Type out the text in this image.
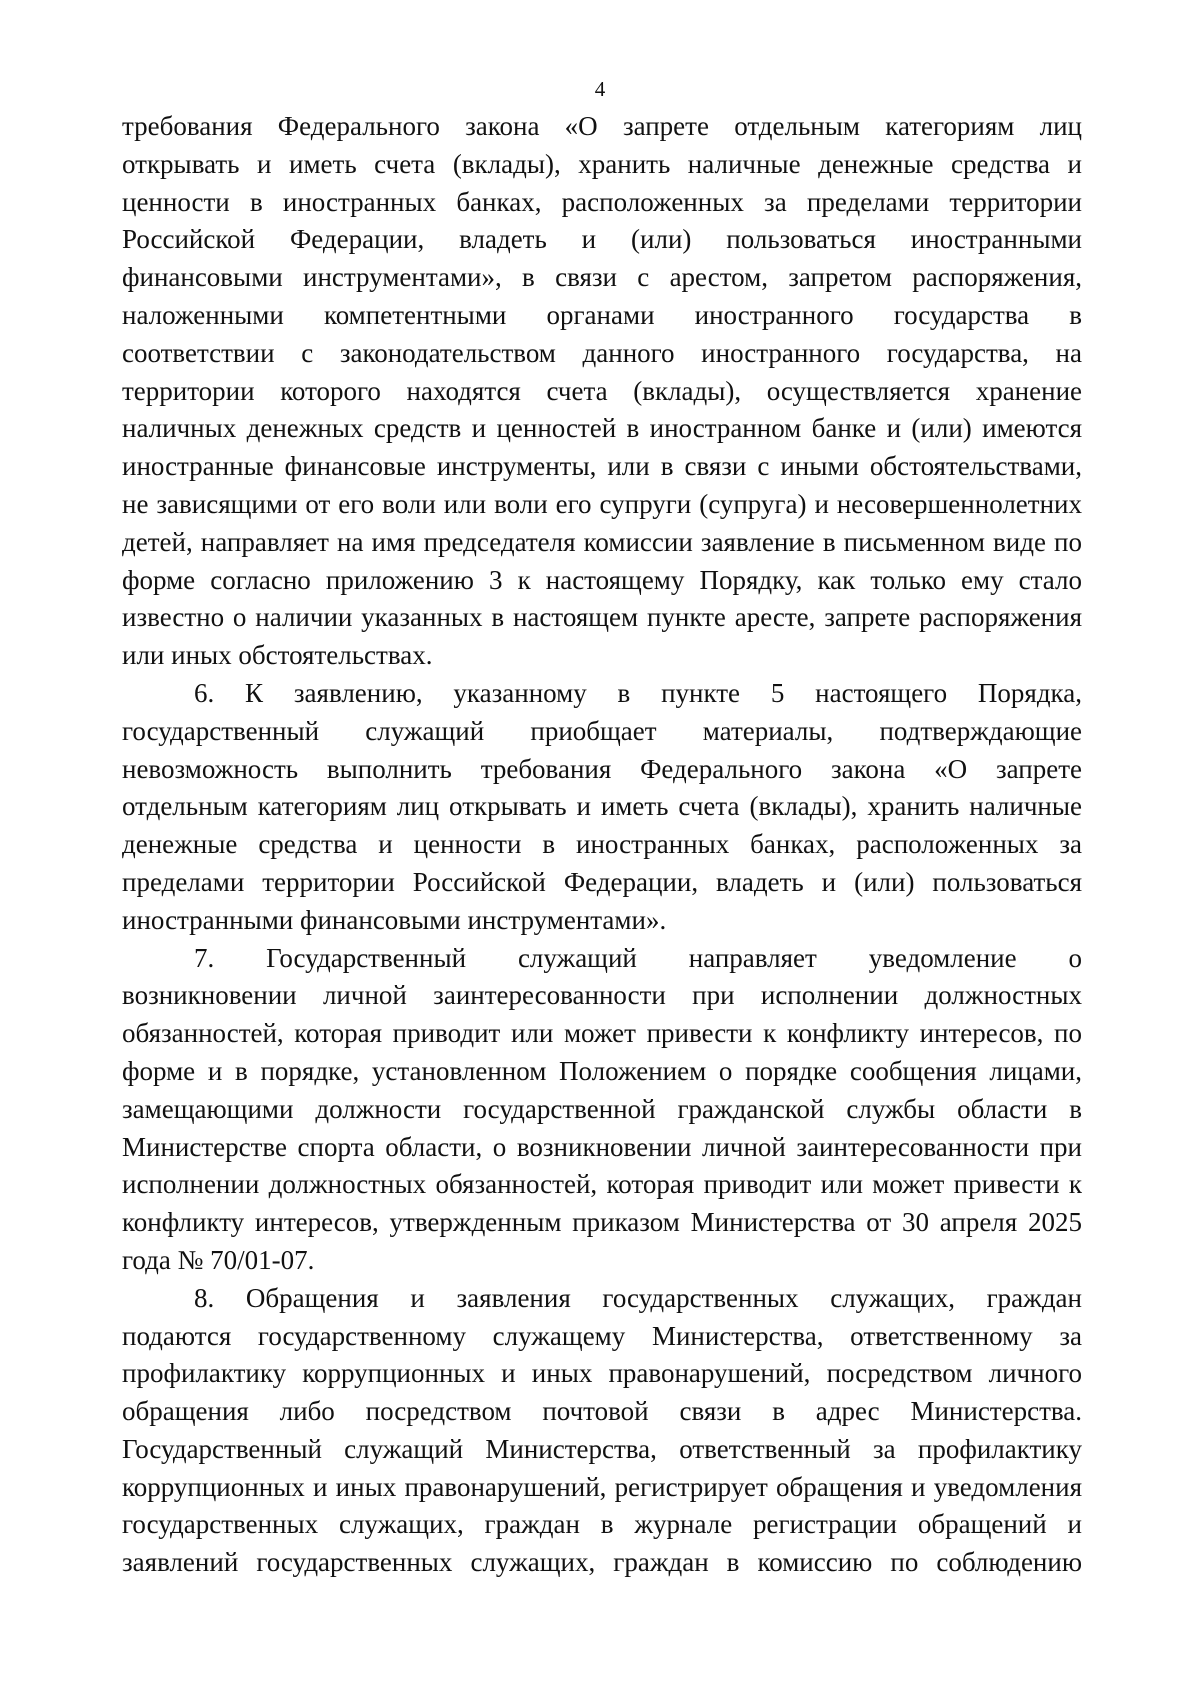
4
требования Федерального закона «О запрете отдельным категориям лиц
открывать и иметь счета (вклады), хранить наличные денежные средства и
ценности в иностранных банках, расположенных за пределами территории
Российской Федерации, владеть и (или) пользоваться иностранными
финансовыми инструментами», в связи с арестом, запретом распоряжения,
наложенными компетентными органами иностранного государства в
соответствии с законодательством данного иностранного государства, на
территории которого находятся счета (вклады), осуществляется хранение
наличных денежных средств и ценностей в иностранном банке и (или) имеются
иностранные финансовые инструменты, или в связи с иными обстоятельствами,
не зависящими от его воли или воли его супруги (супруга) и несовершеннолетних
детей, направляет на имя председателя комиссии заявление в письменном виде по
форме согласно приложению 3 к настоящему Порядку, как только ему стало
известно о наличии указанных в настоящем пункте аресте, запрете распоряжения
или иных обстоятельствах.
6. К заявлению, указанному в пункте 5 настоящего Порядка,
государственный служащий приобщает материалы, подтверждающие
невозможность выполнить требования Федерального закона «О запрете
отдельным категориям лиц открывать и иметь счета (вклады), хранить наличные
денежные средства и ценности в иностранных банках, расположенных за
пределами территории Российской Федерации, владеть и (или) пользоваться
иностранными финансовыми инструментами».
7. Государственный служащий направляет уведомление о
возникновении личной заинтересованности при исполнении должностных
обязанностей, которая приводит или может привести к конфликту интересов, по
форме и в порядке, установленном Положением о порядке сообщения лицами,
замещающими должности государственной гражданской службы области в
Министерстве спорта области, о возникновении личной заинтересованности при
исполнении должностных обязанностей, которая приводит или может привести к
конфликту интересов, утвержденным приказом Министерства от 30 апреля 2025
года № 70/01-07.
8. Обращения и заявления государственных служащих, граждан
подаются государственному служащему Министерства, ответственному за
профилактику коррупционных и иных правонарушений, посредством личного
обращения либо посредством почтовой связи в адрес Министерства.
Государственный служащий Министерства, ответственный за профилактику
коррупционных и иных правонарушений, регистрирует обращения и уведомления
государственных служащих, граждан в журнале регистрации обращений и
заявлений государственных служащих, граждан в комиссию по соблюдению
